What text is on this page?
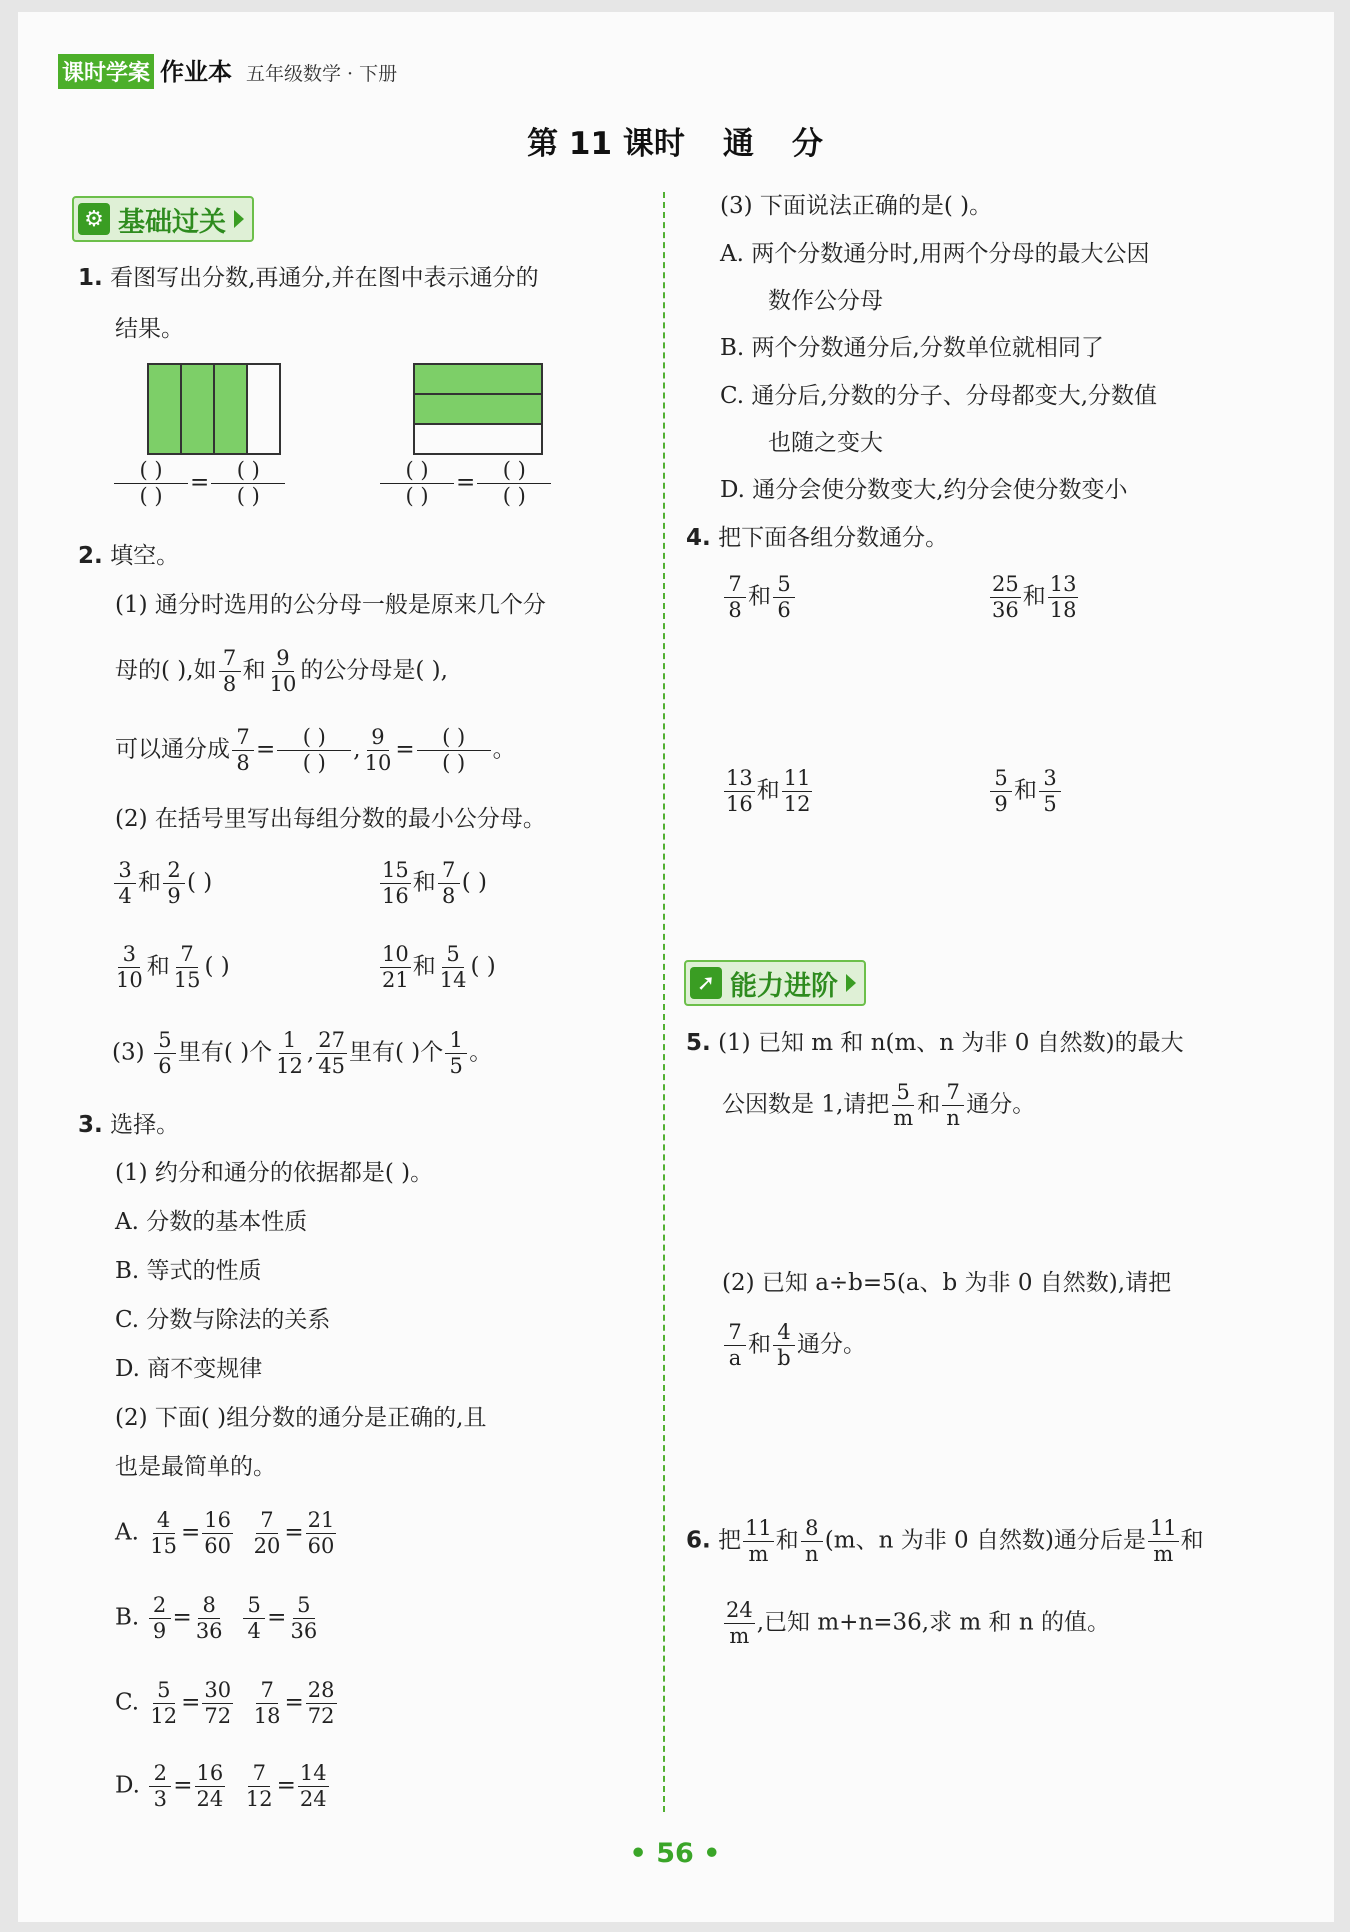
课时学案 作业本 五年级数学 · 下册
第 11 课时 通 分
⚙ 基础过关
1. 看图写出分数,再通分,并在图中表示通分的
结果。
$\frac{( )}{( )} = \frac{( )}{( )}$	$\frac{( )}{( )} = \frac{( )}{( )}$
2. 填空。
(1) 通分时选用的公分母一般是原来几个分
母的( ),如 $\frac{7}{8}$ 和 $\frac{9}{10}$ 的公分母是( ),
可以通分成 $\frac{7}{8} = \frac{( )}{( )}$ , $\frac{9}{10} = \frac{( )}{( )}$ 。
(2) 在括号里写出每组分数的最小公分母。
$\frac{3}{4}$ 和 $\frac{2}{9}$ ( )	$\frac{15}{16}$ 和 $\frac{7}{8}$ ( )
$\frac{3}{10}$ 和 $\frac{7}{15}$ ( )	$\frac{10}{21}$ 和 $\frac{5}{14}$ ( )
$(3) \frac{5}{6}$ 里有( )个 $\frac{1}{12}$ , $\frac{27}{45}$ 里有( )个 $\frac{1}{5}$ 。
3. 选择。
(1) 约分和通分的依据都是( )。
A. 分数的基本性质
B. 等式的性质
C. 分数与除法的关系
D. 商不变规律
(2) 下面( )组分数的通分是正确的,且
也是最简单的。
A. $\frac{4}{15} = \frac{16}{60}$
$\frac{7}{20} = \frac{21}{60}$
B. $\frac{2}{9} = \frac{8}{36}$
$\frac{5}{4} = \frac{5}{36}$
C. $\frac{5}{12} = \frac{30}{72}$
$\frac{7}{18} = \frac{28}{72}$
D. $\frac{2}{3} = \frac{16}{24}$
$\frac{7}{12} = \frac{14}{24}$
(3) 下面说法正确的是( )。
A. 两个分数通分时,用两个分母的最大公因
数作公分母
B. 两个分数通分后,分数单位就相同了
C. 通分后,分数的分子、分母都变大,分数值
也随之变大
D. 通分会使分数变大,约分会使分数变小
4. 把下面各组分数通分。
$\frac{7}{8}$ 和 $\frac{5}{6}$	$\frac{25}{36}$ 和 $\frac{13}{18}$
$\frac{13}{16}$ 和 $\frac{11}{12}$	$\frac{5}{9}$ 和 $\frac{3}{5}$
➚ 能力进阶
5. (1) 已知 m 和 n(m、n 为非 0 自然数)的最大
公因数是 1,请把 $\frac{5}{m}$ 和 $\frac{7}{n}$ 通分。
(2) 已知 a÷b=5(a、b 为非 0 自然数),请把
$\frac{7}{a}$ 和 $\frac{4}{b}$ 通分。
6. 把 $\frac{11}{m}$ 和 $\frac{8}{n} (m$、n 为非 0 自然数)通分后是 $\frac{11}{m}$ 和
$\frac{24}{m}$ ,已知 m+n=36,求 m 和 n 的值。
• 56 •
